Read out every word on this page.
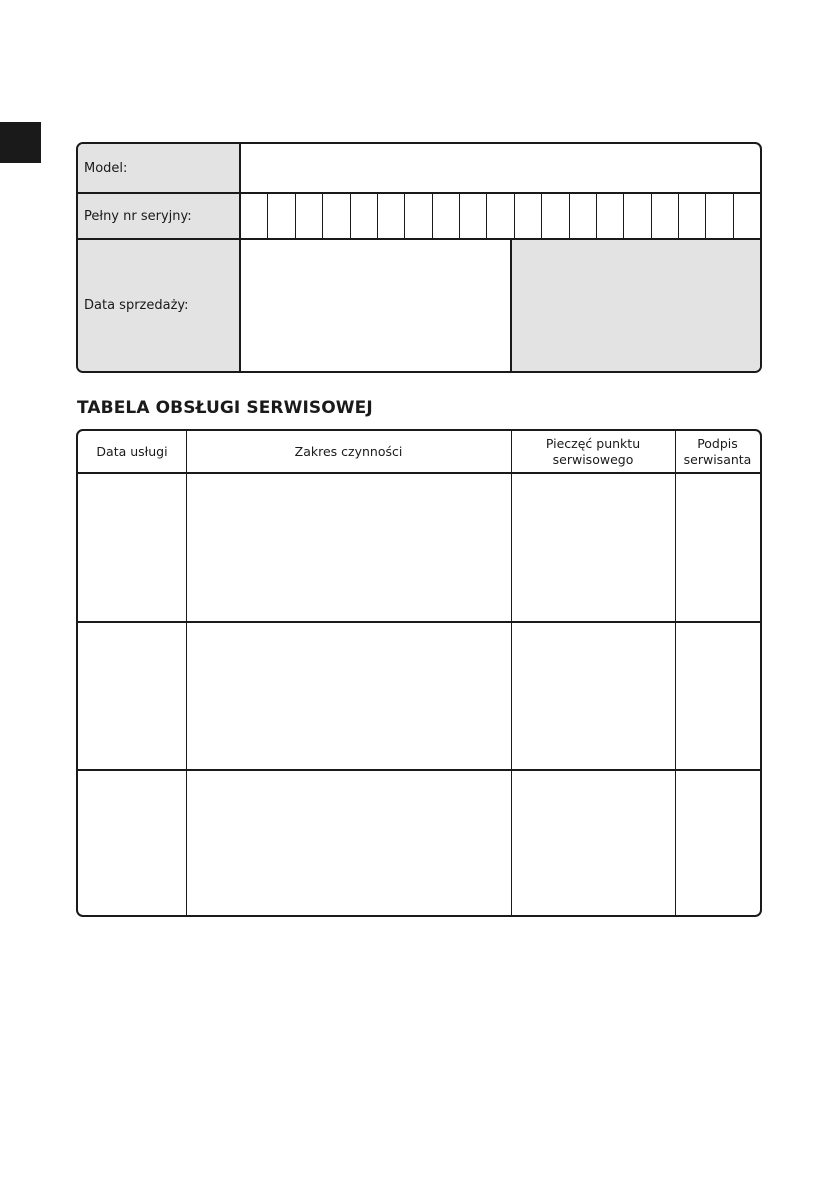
Model:
Pełny nr seryjny:
Data sprzedaży:
TABELA OBSŁUGI SERWISOWEJ
Data usługi	Zakres czynności
Pieczęć punktu
serwisowego
Podpis
serwisanta
